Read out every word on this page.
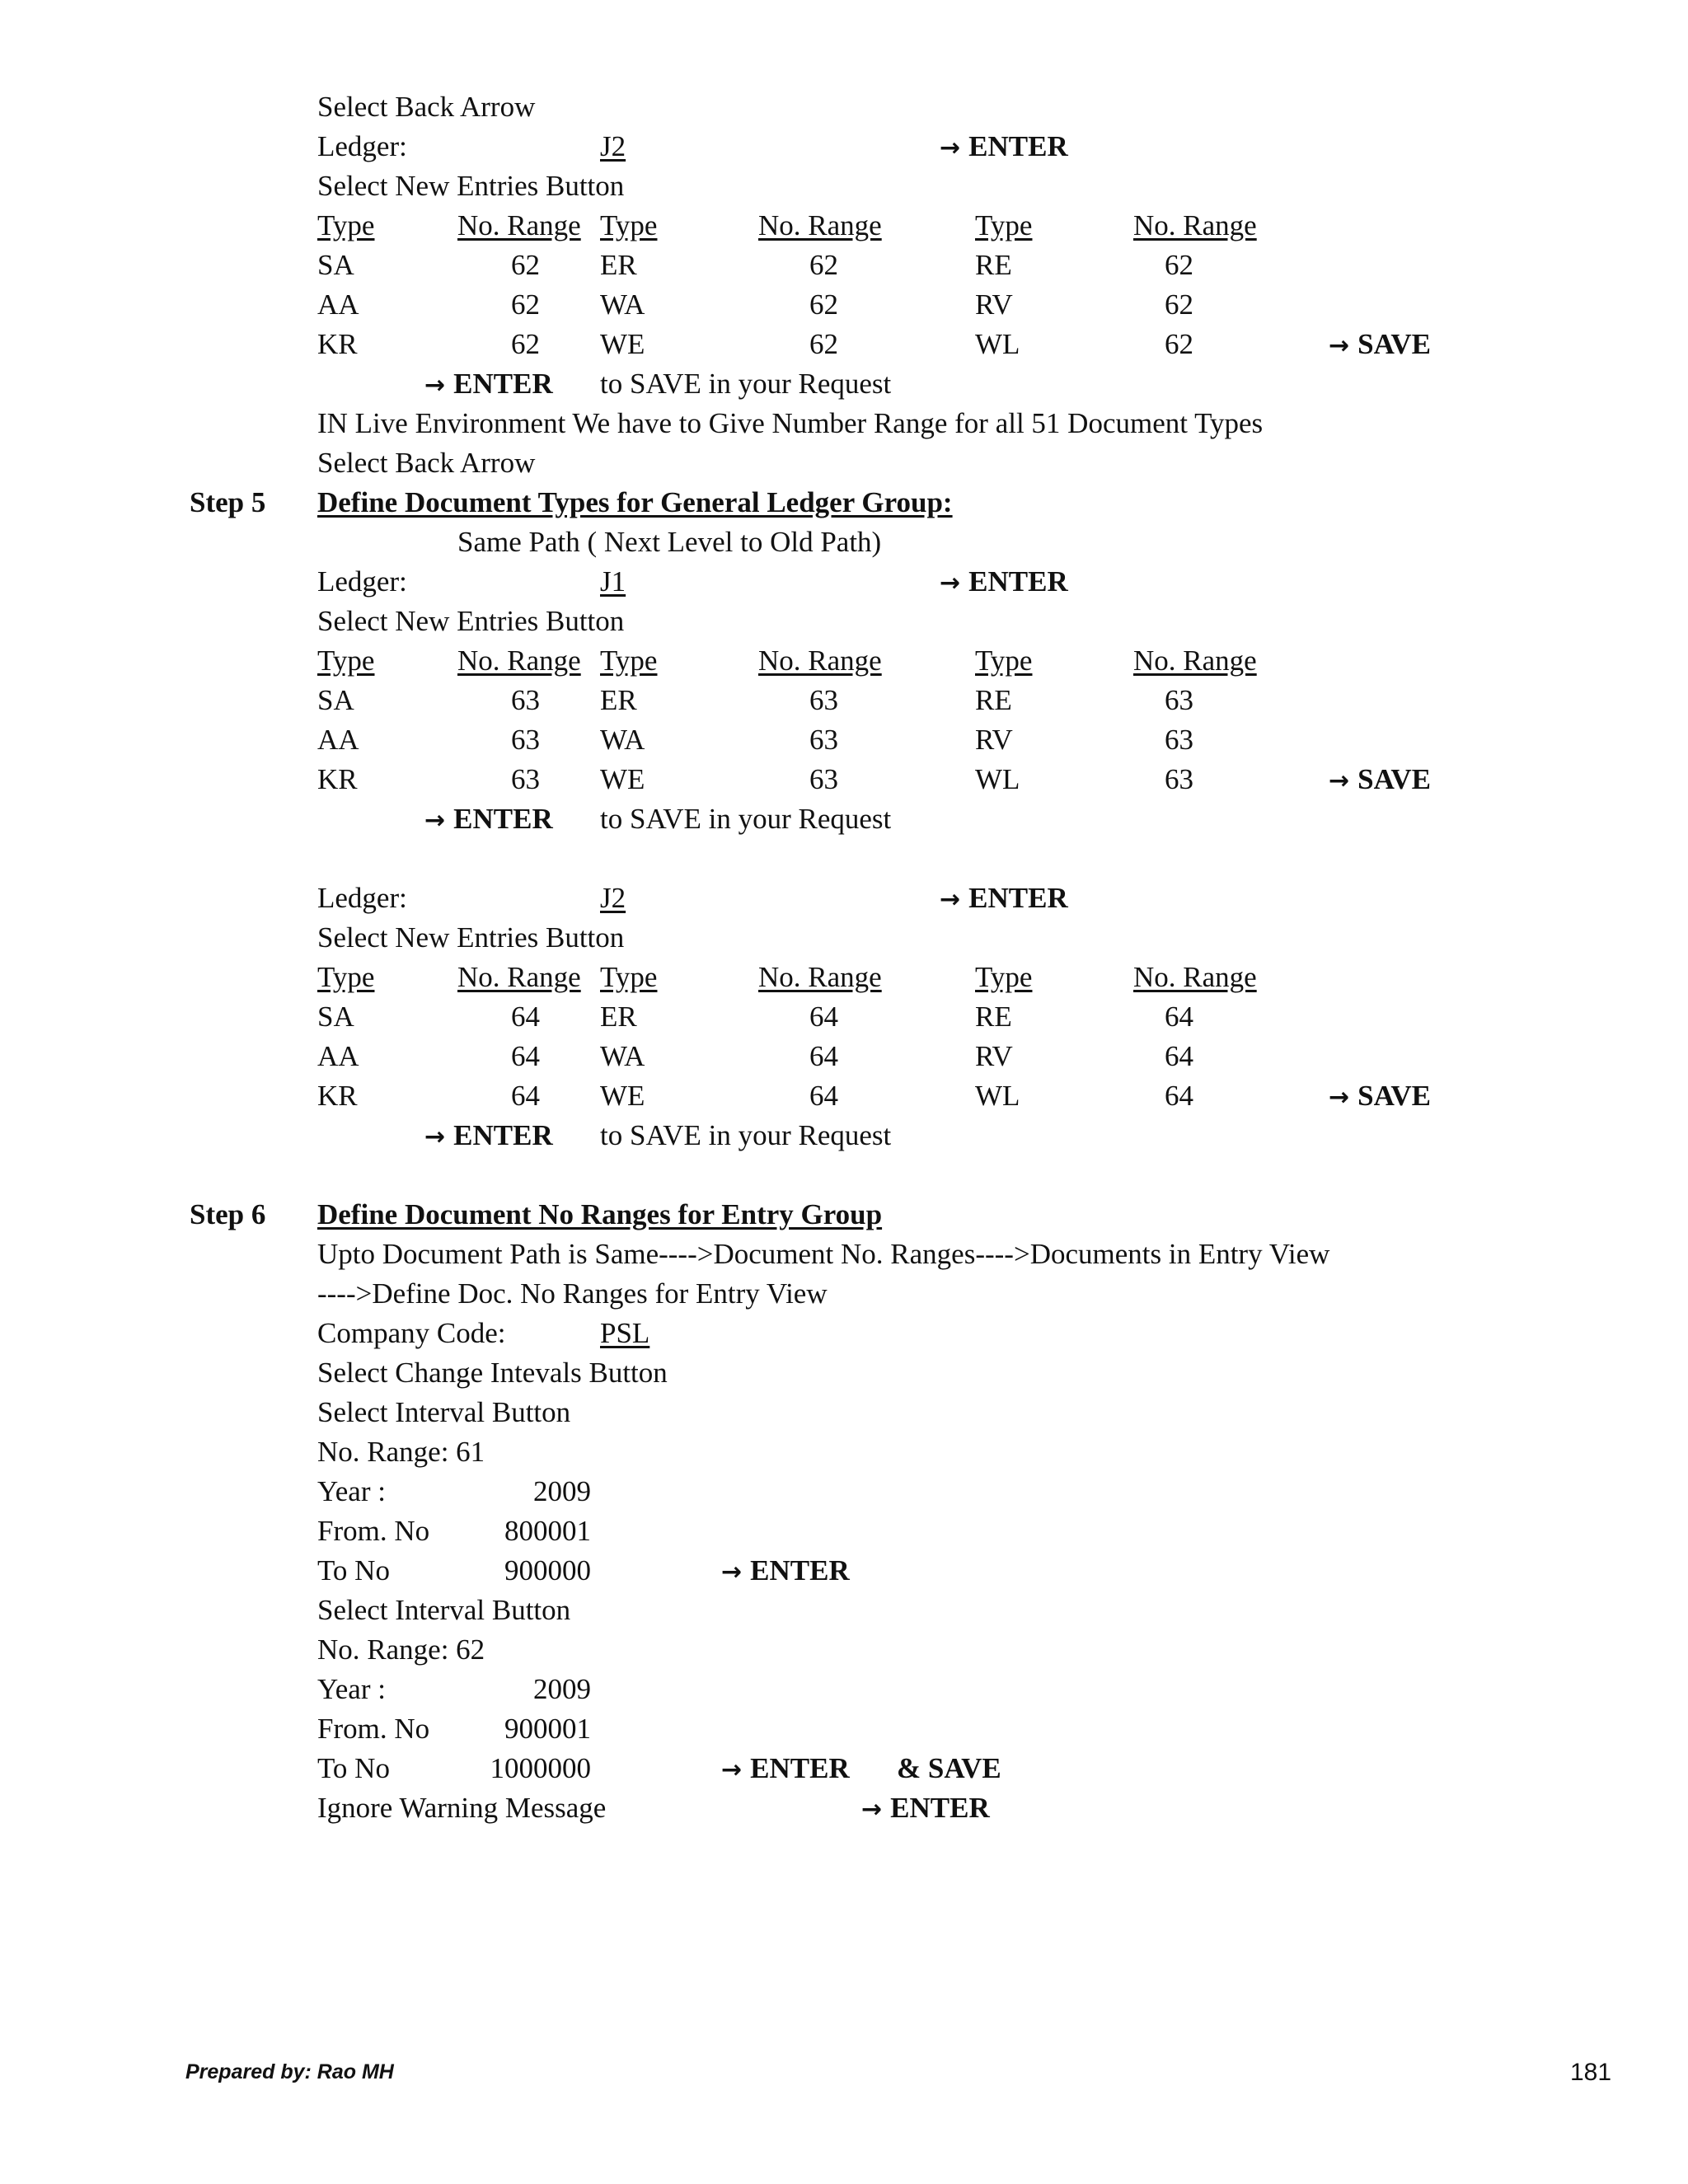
Select Back Arrow
Ledger:	J2	→ ENTER
Select New Entries Button
Type	No. Range Type	No. Range	Type	No. Range
SA	62 ER	62	RE	62
AA	62 WA	62	RV	62
KR	62 WE	62	WL	62	→ SAVE
→ ENTER to SAVE in your Request
IN Live Environment We have to Give Number Range for all 51 Document Types
Select Back Arrow
Step 5 Define Document Types for General Ledger Group:
Same Path ( Next Level to Old Path)
Ledger:	J1	→ ENTER
Select New Entries Button
Type	No. Range Type	No. Range	Type	No. Range
SA	63 ER	63	RE	63
AA	63 WA	63	RV	63
KR	63 WE	63	WL	63	→ SAVE
→ ENTER to SAVE in your Request
Ledger:	J2	→ ENTER
Select New Entries Button
Type	No. Range Type	No. Range	Type	No. Range
SA	64 ER	64	RE	64
AA	64 WA	64	RV	64
KR	64 WE	64	WL	64	→ SAVE
→ ENTER to SAVE in your Request
Step 6 Define Document No Ranges for Entry Group
Upto Document Path is Same---->Document No. Ranges---->Documents in Entry View
---->Define Doc. No Ranges for Entry View
Company Code:	PSL
Select Change Intevals Button
Select Interval Button
No. Range: 61
Year :	2009
From. No	800001
To No	900000	→ ENTER
Select Interval Button
No. Range: 62
Year :	2009
From. No	900001
To No	1000000	→ ENTER & SAVE
Ignore Warning Message	→ ENTER
Prepared by: Rao MH	181
